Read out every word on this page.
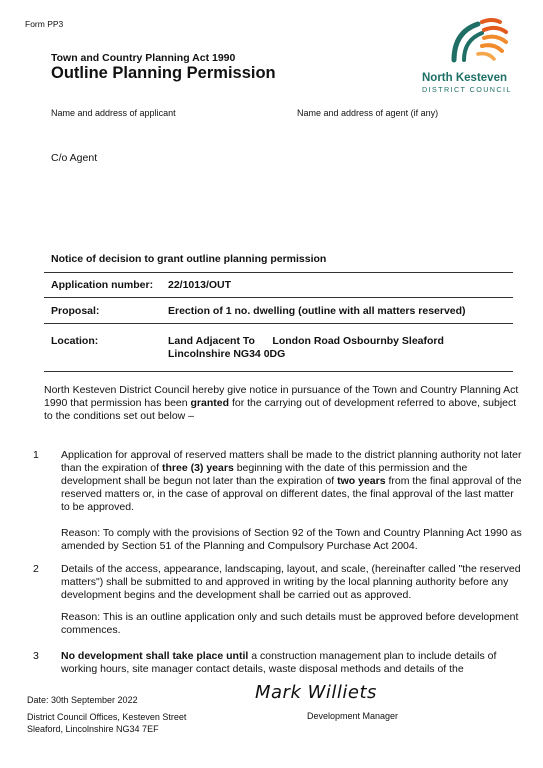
Form PP3
Town and Country Planning Act 1990
Outline Planning Permission	North Kesteven
DISTRICT COUNCIL
Name and address of applicant	Name and address of agent (if any)
C/o Agent
Notice of decision to grant outline planning permission
Application number: 22/1013/OUT
Proposal:	Erection of 1 no. dwelling (outline with all matters reserved)
Location:	Land Adjacent To      London Road Osbournby Sleaford
Lincolnshire NG34 0DG
North Kesteven District Council hereby give notice in pursuance of the Town and Country Planning Act 1990 that permission has been granted for the carrying out of development referred to above, subject to the conditions set out below –
1 Application for approval of reserved matters shall be made to the district planning authority not later than the expiration of three (3) years beginning with the date of this permission and the development shall be begun not later than the expiration of two years from the final approval of the reserved matters or, in the case of approval on different dates, the final approval of the last matter to be approved.
Reason: To comply with the provisions of Section 92 of the Town and Country Planning Act 1990 as amended by Section 51 of the Planning and Compulsory Purchase Act 2004.
2 Details of the access, appearance, landscaping, layout, and scale, (hereinafter called "the reserved matters") shall be submitted to and approved in writing by the local planning authority before any development begins and the development shall be carried out as approved.
Reason: This is an outline application only and such details must be approved before development commences.
3 No development shall take place until a construction management plan to include details of working hours, site manager contact details, waste disposal methods and details of the
Date: 30th September 2022	Mark Williets
District Council Offices, Kesteven Street
Sleaford, Lincolnshire NG34 7EF
Development Manager
